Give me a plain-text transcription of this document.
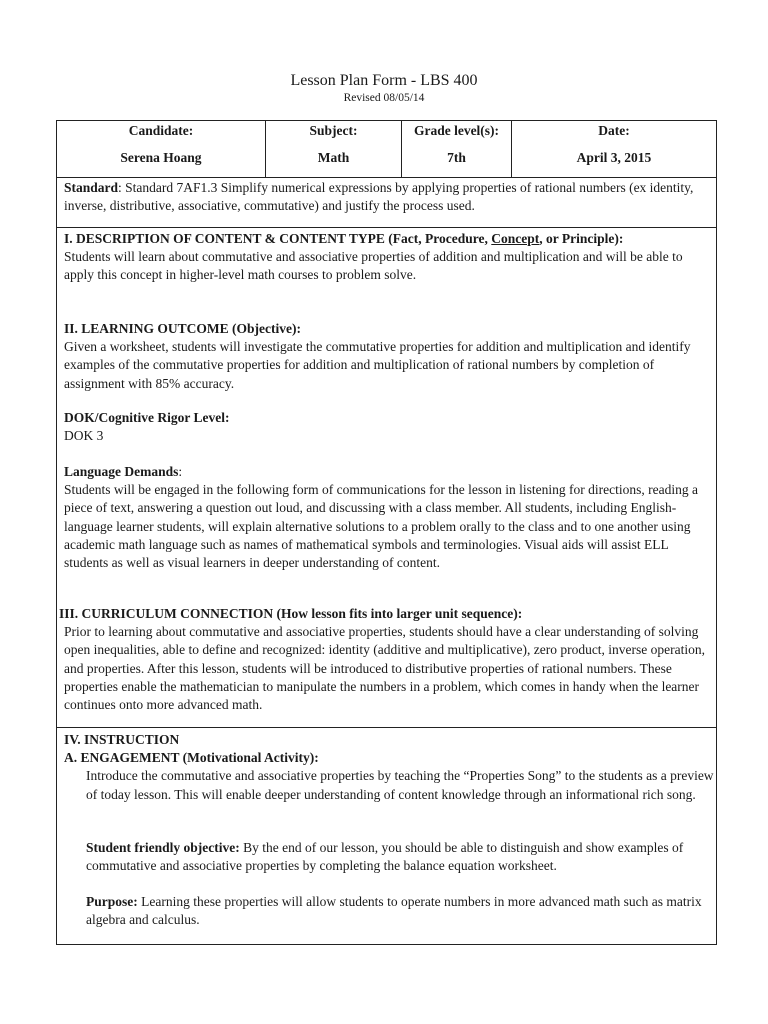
Lesson Plan Form - LBS 400
Revised 08/05/14
Candidate:
Serena Hoang
Subject:
Math
Grade level(s):
7th
Date:
April 3, 2015

Standard: Standard 7AF1.3 Simplify numerical expressions by applying properties of rational numbers (ex identity, inverse, distributive, associative, commutative) and justify the process used.

I. DESCRIPTION OF CONTENT & CONTENT TYPE (Fact, Procedure, Concept, or Principle):

Students will learn about commutative and associative properties of addition and multiplication and will be able to apply this concept in higher-level math courses to problem solve.

II. LEARNING OUTCOME (Objective):

Given a worksheet, students will investigate the commutative properties for addition and multiplication and identify examples of the commutative properties for addition and multiplication of rational numbers by completion of assignment with 85% accuracy.

DOK/Cognitive Rigor Level:

DOK 3

Language Demands:

Students will be engaged in the following form of communications for the lesson in listening for directions, reading a piece of text, answering a question out loud, and discussing with a class member. All students, including English-language learner students, will explain alternative solutions to a problem orally to the class and to one another using academic math language such as names of mathematical symbols and terminologies. Visual aids will assist ELL students as well as visual learners in deeper understanding of content.

III. CURRICULUM CONNECTION (How lesson fits into larger unit sequence):

Prior to learning about commutative and associative properties, students should have a clear understanding of solving open inequalities, able to define and recognized: identity (additive and multiplicative), zero product, inverse operation, and properties. After this lesson, students will be introduced to distributive properties of rational numbers. These properties enable the mathematician to manipulate the numbers in a problem, which comes in handy when the learner continues onto more advanced math.

IV. INSTRUCTION

A. ENGAGEMENT (Motivational Activity):

Introduce the commutative and associative properties by teaching the “Properties Song” to the students as a preview of today lesson. This will enable deeper understanding of content knowledge through an informational rich song.

Student friendly objective: By the end of our lesson, you should be able to distinguish and show examples of commutative and associative properties by completing the balance equation worksheet.

Purpose: Learning these properties will allow students to operate numbers in more advanced math such as matrix algebra and calculus.
